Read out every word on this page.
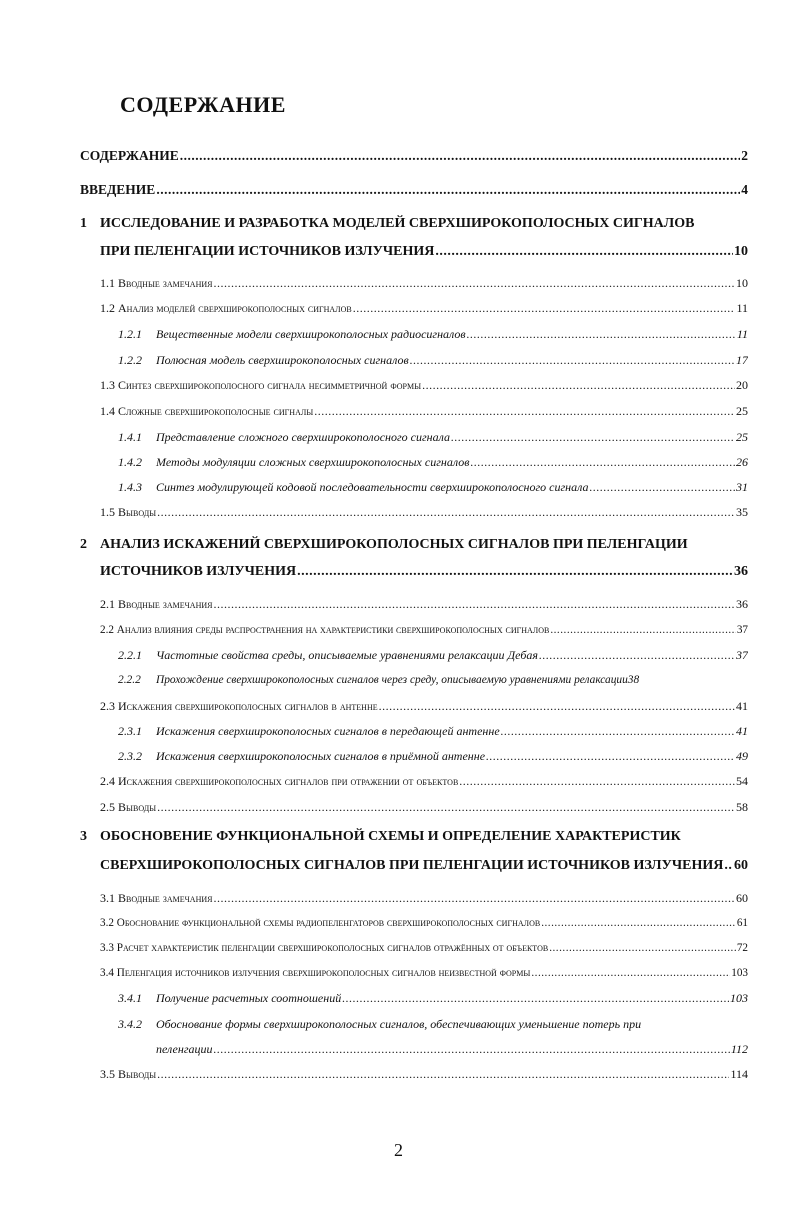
СОДЕРЖАНИЕ
СОДЕРЖАНИЕ .....	2
ВВЕДЕНИЕ .....	4
1 ИССЛЕДОВАНИЕ И РАЗРАБОТКА МОДЕЛЕЙ СВЕРХШИРОКОПОЛОСНЫХ СИГНАЛОВ
ПРИ ПЕЛЕНГАЦИИ ИСТОЧНИКОВ ИЗЛУЧЕНИЯ .....	10
1.1 Вводные замечания .....	10
1.2 Анализ моделей сверхширокополосных сигналов .....	11
1.2.1 Вещественные модели сверхширокополосных радиосигналов .....	11
1.2.2 Полюсная модель сверхширокополосных сигналов .....	17
1.3 Синтез сверхширокополосного сигнала несимметричной формы .....	20
1.4 Сложные сверхширокополосные сигналы .....	25
1.4.1 Представление сложного сверхширокополосного сигнала .....	25
1.4.2 Методы модуляции сложных сверхширокополосных сигналов .....	26
1.4.3 Синтез модулирующей кодовой последовательности сверхширокополосного сигнала .....	31
1.5 Выводы .....	35
2 АНАЛИЗ ИСКАЖЕНИЙ СВЕРХШИРОКОПОЛОСНЫХ СИГНАЛОВ ПРИ ПЕЛЕНГАЦИИ
ИСТОЧНИКОВ ИЗЛУЧЕНИЯ .....	36
2.1 Вводные замечания .....	36
2.2 Анализ влияния среды распространения на характеристики сверхширокополосных сигналов .....	37
2.2.1 Частотные свойства среды, описываемые уравнениями релаксации Дебая .....	37
2.2.2 Прохождение сверхширокополосных сигналов через среду, описываемую уравнениями релаксации 38
2.3 Искажения сверхширокополосных сигналов в антенне .....	41
2.3.1 Искажения сверхширокополосных сигналов в передающей антенне .....	41
2.3.2 Искажения сверхширокополосных сигналов в приёмной антенне .....	49
2.4 Искажения сверхширокополосных сигналов при отражении от объектов .....	54
2.5 Выводы .....	58
3 ОБОСНОВЕНИЕ ФУНКЦИОНАЛЬНОЙ СХЕМЫ И ОПРЕДЕЛЕНИЕ ХАРАКТЕРИСТИК
СВЕРХШИРОКОПОЛОСНЫХ СИГНАЛОВ ПРИ ПЕЛЕНГАЦИИ ИСТОЧНИКОВ ИЗЛУЧЕНИЯ ..... 60
3.1 Вводные замечания .....	60
3.2 Обоснование функциональной схемы радиопеленгаторов сверхширокополосных сигналов .....	61
3.3 Расчет характеристик пеленгации сверхширокополосных сигналов отражённых от объектов .....	72
3.4 Пеленгация источников излучения сверхширокополосных сигналов неизвестной формы .....	103
3.4.1 Получение расчетных соотношений .....	103
3.4.2 Обоснование формы сверхширокополосных сигналов, обеспечивающих уменьшение потерь при
пеленгации .....	112
3.5 Выводы .....	114
2
